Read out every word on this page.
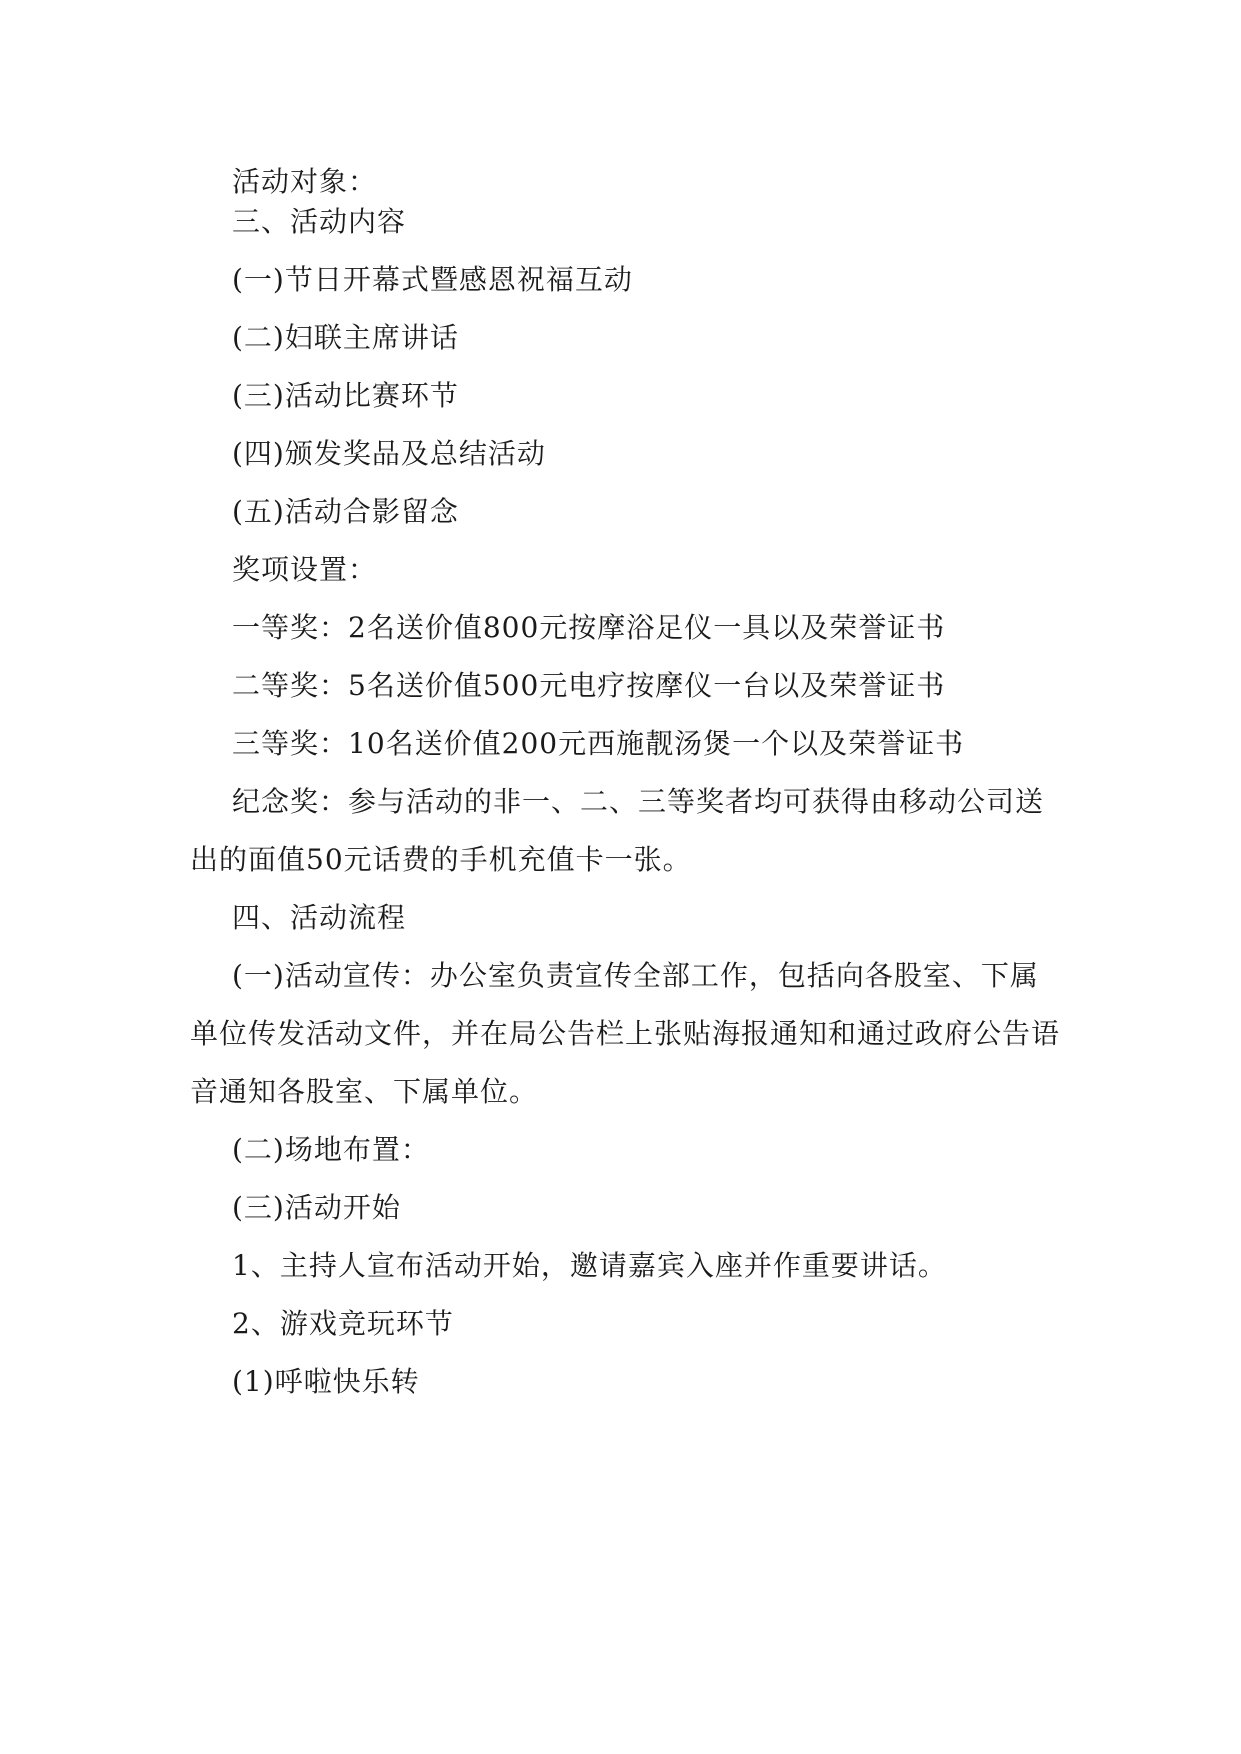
活动对象：
三、活动内容
(一)节日开幕式暨感恩祝福互动
(二)妇联主席讲话
(三)活动比赛环节
(四)颁发奖品及总结活动
(五)活动合影留念
奖项设置：
一等奖：2名送价值800元按摩浴足仪一具以及荣誉证书
二等奖：5名送价值500元电疗按摩仪一台以及荣誉证书
三等奖：10名送价值200元西施靓汤煲一个以及荣誉证书
纪念奖：参与活动的非一、二、三等奖者均可获得由移动公司送
出的面值50元话费的手机充值卡一张。
四、活动流程
(一)活动宣传：办公室负责宣传全部工作，包括向各股室、下属
单位传发活动文件，并在局公告栏上张贴海报通知和通过政府公告语
音通知各股室、下属单位。
(二)场地布置：
(三)活动开始
1、主持人宣布活动开始，邀请嘉宾入座并作重要讲话。
2、游戏竞玩环节
(1)呼啦快乐转
